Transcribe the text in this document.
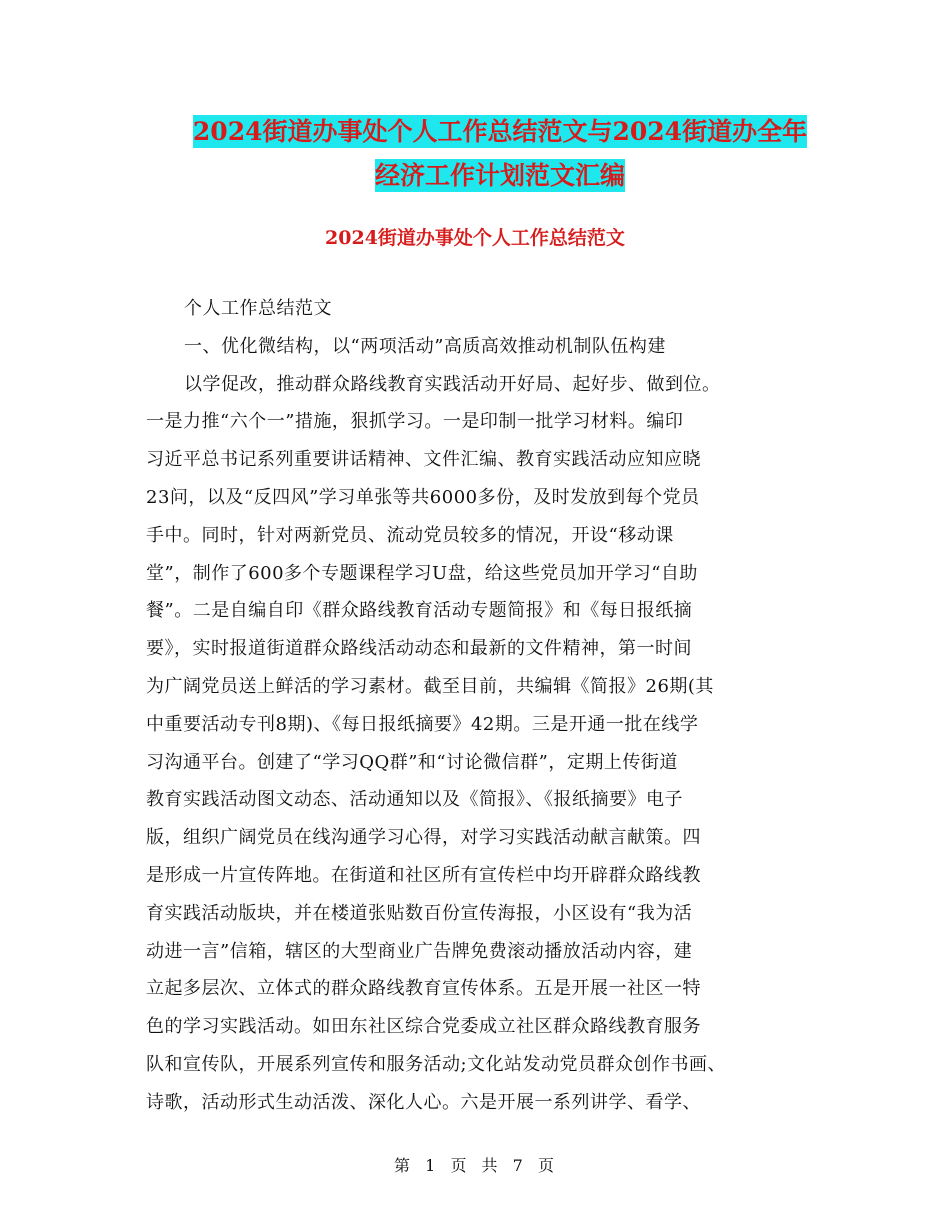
2024街道办事处个人工作总结范文与2024街道办全年
经济工作计划范文汇编
2024街道办事处个人工作总结范文
个人工作总结范文
一、优化微结构，以“两项活动”高质高效推动机制队伍构建
以学促改，推动群众路线教育实践活动开好局、起好步、做到位。
一是力推“六个一”措施，狠抓学习。一是印制一批学习材料。编印
习近平总书记系列重要讲话精神、文件汇编、教育实践活动应知应晓
23问，以及“反四风”学习单张等共6000多份，及时发放到每个党员
手中。同时，针对两新党员、流动党员较多的情况，开设“移动课
堂”，制作了600多个专题课程学习U盘，给这些党员加开学习“自助
餐”。二是自编自印《群众路线教育活动专题简报》和《每日报纸摘
要》，实时报道街道群众路线活动动态和最新的文件精神，第一时间
为广阔党员送上鲜活的学习素材。截至目前，共编辑《简报》26期(其
中重要活动专刊8期)、《每日报纸摘要》42期。三是开通一批在线学
习沟通平台。创建了“学习QQ群”和“讨论微信群”，定期上传街道
教育实践活动图文动态、活动通知以及《简报》、《报纸摘要》电子
版，组织广阔党员在线沟通学习心得，对学习实践活动献言献策。四
是形成一片宣传阵地。在街道和社区所有宣传栏中均开辟群众路线教
育实践活动版块，并在楼道张贴数百份宣传海报，小区设有“我为活
动进一言”信箱，辖区的大型商业广告牌免费滚动播放活动内容，建
立起多层次、立体式的群众路线教育宣传体系。五是开展一社区一特
色的学习实践活动。如田东社区综合党委成立社区群众路线教育服务
队和宣传队，开展系列宣传和服务活动;文化站发动党员群众创作书画、
诗歌，活动形式生动活泼、深化人心。六是开展一系列讲学、看学、
第 1 页 共 7 页
